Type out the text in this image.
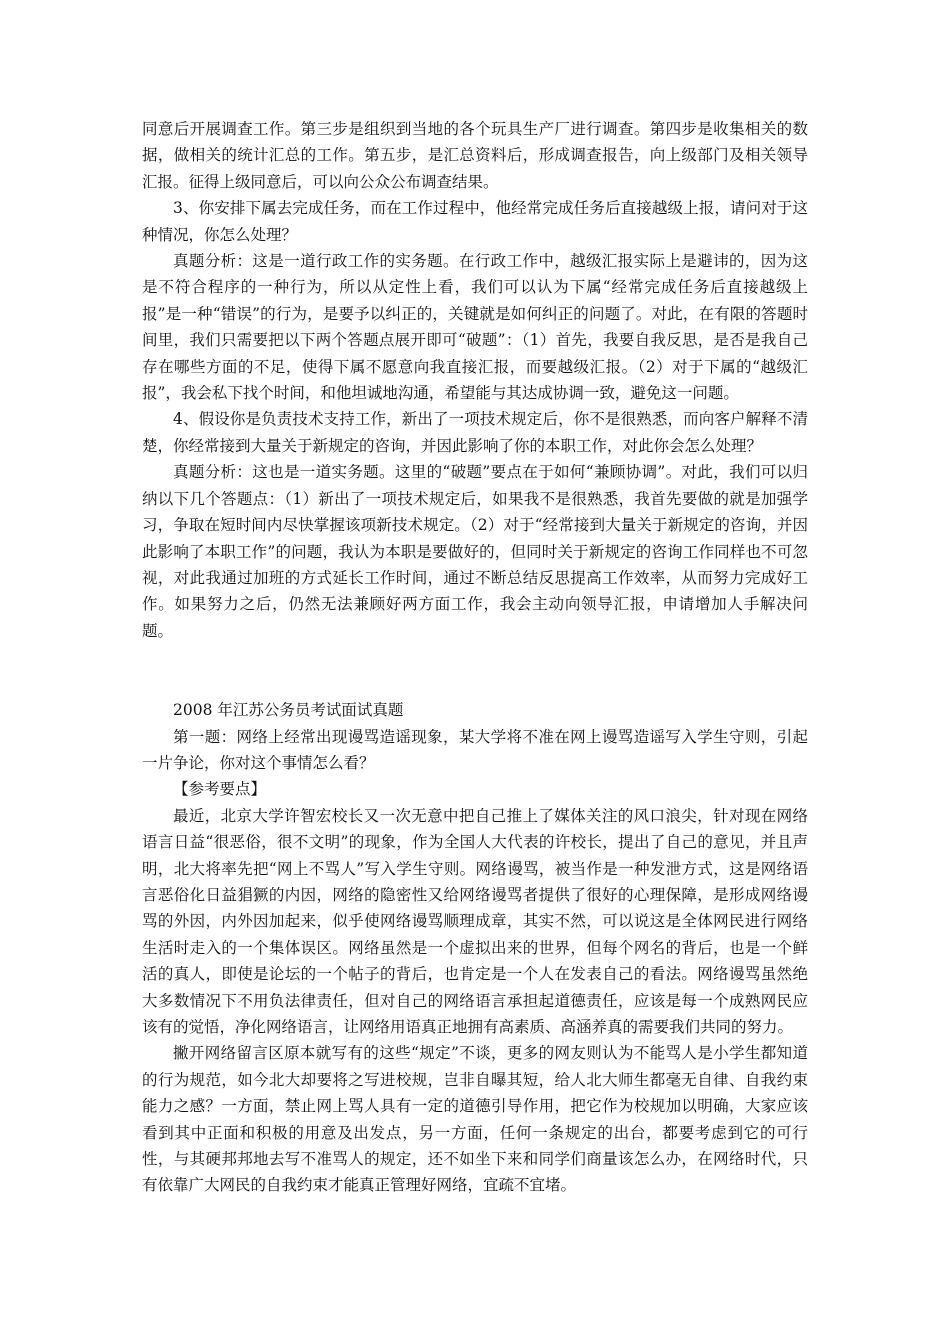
同意后开展调查工作。第三步是组织到当地的各个玩具生产厂进行调查。第四步是收集相关的数据，做相关的统计汇总的工作。第五步，是汇总资料后，形成调查报告，向上级部门及相关领导汇报。征得上级同意后，可以向公众公布调查结果。

3、你安排下属去完成任务，而在工作过程中，他经常完成任务后直接越级上报，请问对于这种情况，你怎么处理？

真题分析：这是一道行政工作的实务题。在行政工作中，越级汇报实际上是避讳的，因为这是不符合程序的一种行为，所以从定性上看，我们可以认为下属“经常完成任务后直接越级上报”是一种“错误”的行为，是要予以纠正的，关键就是如何纠正的问题了。对此，在有限的答题时间里，我们只需要把以下两个答题点展开即可“破题”：（1）首先，我要自我反思，是否是我自己存在哪些方面的不足，使得下属不愿意向我直接汇报，而要越级汇报。（2）对于下属的“越级汇报”，我会私下找个时间，和他坦诚地沟通，希望能与其达成协调一致，避免这一问题。

4、假设你是负责技术支持工作，新出了一项技术规定后，你不是很熟悉，而向客户解释不清楚，你经常接到大量关于新规定的咨询，并因此影响了你的本职工作，对此你会怎么处理？

真题分析：这也是一道实务题。这里的“破题”要点在于如何“兼顾协调”。对此，我们可以归纳以下几个答题点：（1）新出了一项技术规定后，如果我不是很熟悉，我首先要做的就是加强学习，争取在短时间内尽快掌握该项新技术规定。（2）对于“经常接到大量关于新规定的咨询，并因此影响了本职工作”的问题，我认为本职是要做好的，但同时关于新规定的咨询工作同样也不可忽视，对此我通过加班的方式延长工作时间，通过不断总结反思提高工作效率，从而努力完成好工作。如果努力之后，仍然无法兼顾好两方面工作，我会主动向领导汇报，申请增加人手解决问题。

2008 年江苏公务员考试面试真题

第一题：网络上经常出现谩骂造谣现象，某大学将不准在网上谩骂造谣写入学生守则，引起一片争论，你对这个事情怎么看？

【参考要点】

最近，北京大学许智宏校长又一次无意中把自己推上了媒体关注的风口浪尖，针对现在网络语言日益“很恶俗，很不文明”的现象，作为全国人大代表的许校长，提出了自己的意见，并且声明，北大将率先把“网上不骂人”写入学生守则。网络谩骂，被当作是一种发泄方式，这是网络语言恶俗化日益猖獗的内因，网络的隐密性又给网络谩骂者提供了很好的心理保障，是形成网络谩骂的外因，内外因加起来，似乎使网络谩骂顺理成章，其实不然，可以说这是全体网民进行网络生活时走入的一个集体误区。网络虽然是一个虚拟出来的世界，但每个网名的背后，也是一个鲜活的真人，即使是论坛的一个帖子的背后，也肯定是一个人在发表自己的看法。网络谩骂虽然绝大多数情况下不用负法律责任，但对自己的网络语言承担起道德责任，应该是每一个成熟网民应该有的觉悟，净化网络语言，让网络用语真正地拥有高素质、高涵养真的需要我们共同的努力。

撇开网络留言区原本就写有的这些“规定”不谈，更多的网友则认为不能骂人是小学生都知道的行为规范，如今北大却要将之写进校规，岂非自曝其短，给人北大师生都毫无自律、自我约束能力之感？一方面，禁止网上骂人具有一定的道德引导作用，把它作为校规加以明确，大家应该看到其中正面和积极的用意及出发点，另一方面，任何一条规定的出台，都要考虑到它的可行性，与其硬邦邦地去写不准骂人的规定，还不如坐下来和同学们商量该怎么办，在网络时代，只有依靠广大网民的自我约束才能真正管理好网络，宜疏不宜堵。
